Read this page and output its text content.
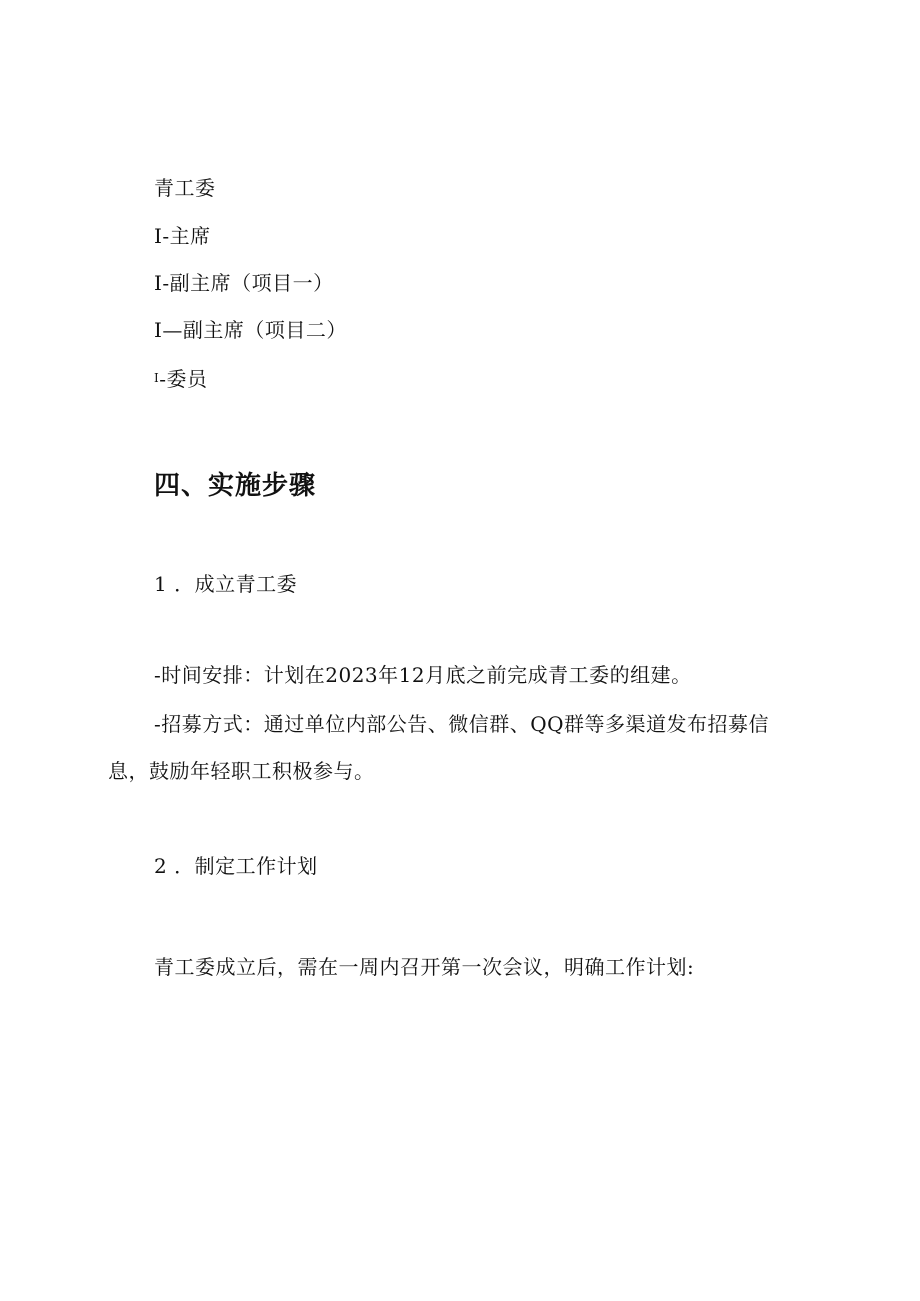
青工委
I-主席
I-副主席（项目一）
I—副主席（项目二）
$^I$-委员
四、实施步骤
1 ．成立青工委
-时间安排：计划在2023年12月底之前完成青工委的组建。
-招募方式：通过单位内部公告、微信群、QQ群等多渠道发布招募信
息，鼓励年轻职工积极参与。
2 ．制定工作计划
青工委成立后，需在一周内召开第一次会议，明确工作计划:
